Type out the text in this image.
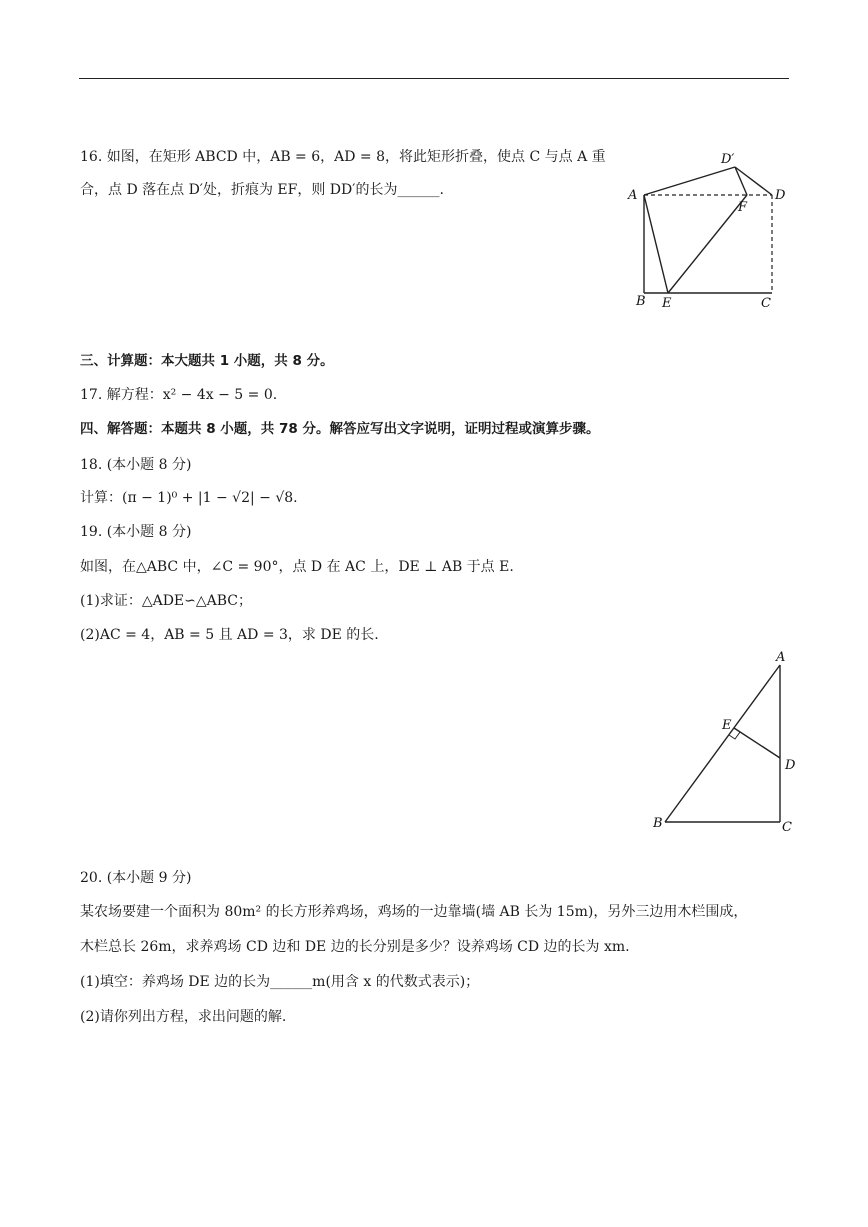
16. 如图，在矩形 ABCD 中，AB = 6，AD = 8，将此矩形折叠，使点 C 与点 A 重
合，点 D 落在点 D′处，折痕为 EF，则 DD′的长为______.	A
B E	C
D
F
D′
三、计算题：本大题共 1 小题，共 8 分。
17. 解方程：x² − 4x − 5 = 0.
四、解答题：本题共 8 小题，共 78 分。解答应写出文字说明，证明过程或演算步骤。
18. (本小题 8 分)
计算：(π − 1)⁰ + |1 − √2| − √8.
19. (本小题 8 分)
如图，在△ABC 中，∠C = 90°，点 D 在 AC 上，DE ⊥ AB 于点 E.
(1)求证：△ADE∽△ABC；
(2)AC = 4，AB = 5 且 AD = 3，求 DE 的长.
A
B	C
D
E
20. (本小题 9 分)
某农场要建一个面积为 80m² 的长方形养鸡场，鸡场的一边靠墙(墙 AB 长为 15m)，另外三边用木栏围成，
木栏总长 26m，求养鸡场 CD 边和 DE 边的长分别是多少？设养鸡场 CD 边的长为 xm.
(1)填空：养鸡场 DE 边的长为______m(用含 x 的代数式表示)；
(2)请你列出方程，求出问题的解.
